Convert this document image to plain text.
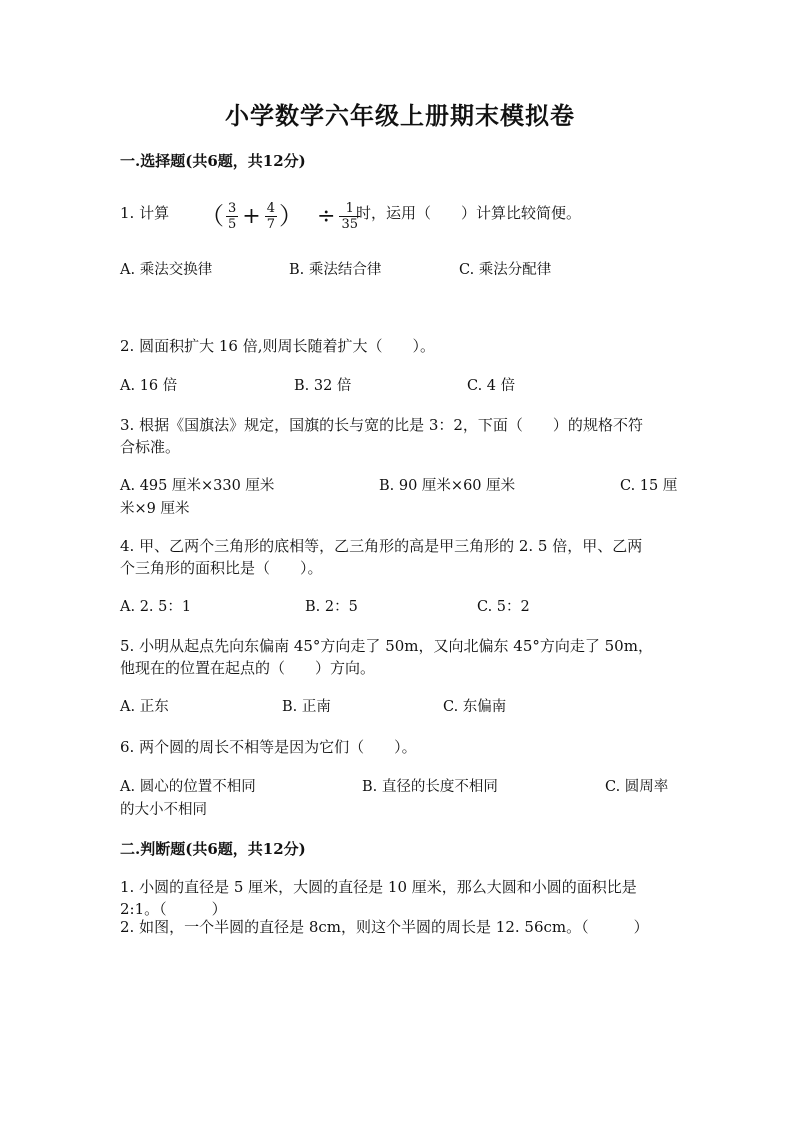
小学数学六年级上册期末模拟卷
一.选择题(共6题，共12分)
1. 计算 （ $\frac{3}{5} + \frac{4}{7}$ ） ÷ $\frac{1}{35}$
时，运用（　　）计算比较简便。
A. 乘法交换律	B. 乘法结合律	C. 乘法分配律
2. 圆面积扩大 16 倍,则周长随着扩大（　　）。
A. 16 倍	B. 32 倍	C. 4 倍
3. 根据《国旗法》规定，国旗的长与宽的比是 3：2，下面（　　）的规格不符
合标准。
A. 495 厘米×330 厘米	B. 90 厘米×60 厘米	C. 15 厘
米×9 厘米
4. 甲、乙两个三角形的底相等，乙三角形的高是甲三角形的 2. 5 倍，甲、乙两
个三角形的面积比是（　　）。
A. 2. 5：1	B. 2：5	C. 5：2
5. 小明从起点先向东偏南 45°方向走了 50m，又向北偏东 45°方向走了 50m，
他现在的位置在起点的（　　）方向。
A. 正东	B. 正南	C. 东偏南
6. 两个圆的周长不相等是因为它们（　　）。
A. 圆心的位置不相同	B. 直径的长度不相同	C. 圆周率
的大小不相同
二.判断题(共6题，共12分)
1. 小圆的直径是 5 厘米，大圆的直径是 10 厘米，那么大圆和小圆的面积比是
2:1。（　　　）
2. 如图，一个半圆的直径是 8cm，则这个半圆的周长是 12. 56cm。（　　　）
